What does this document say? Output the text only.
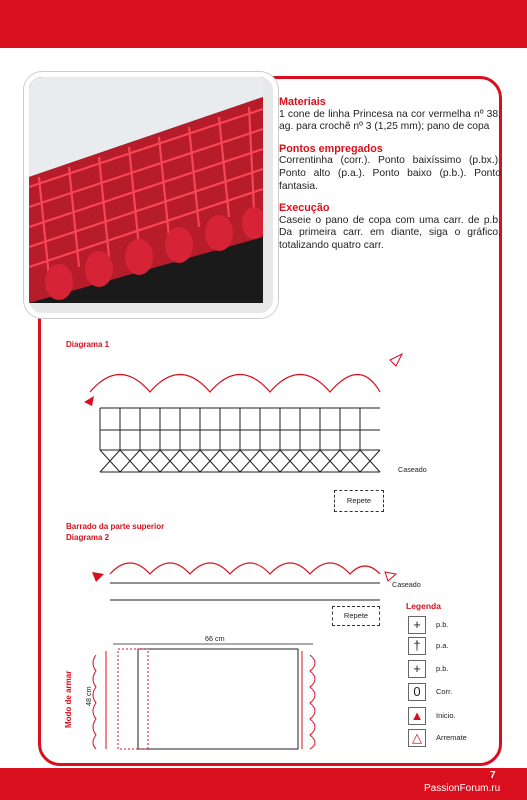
Materiais

1 cone de linha Princesa na cor vermelha nº 38; ag. para crochê nº 3 (1,25 mm); pano de copa

Pontos empregados

Correntinha (corr.). Ponto baixíssimo (p.bx.). Ponto alto (p.a.). Ponto baixo (p.b.). Ponto fantasia.

Execução

Caseie o pano de copa com uma carr. de p.b. Da primeira carr. em diante, siga o gráfico, totalizando quatro carr.

Diagrama 1
Caseado
Repete
Barrado da parte superior
Diagrama 2
Caseado
Repete
66 cm
Modo de armar 48 cm
Legenda
+	p.b.
†	p.a.
+	p.b.
0	Corr.
▲	Inicio.
△	Arremate
7
PassionForum.ru
